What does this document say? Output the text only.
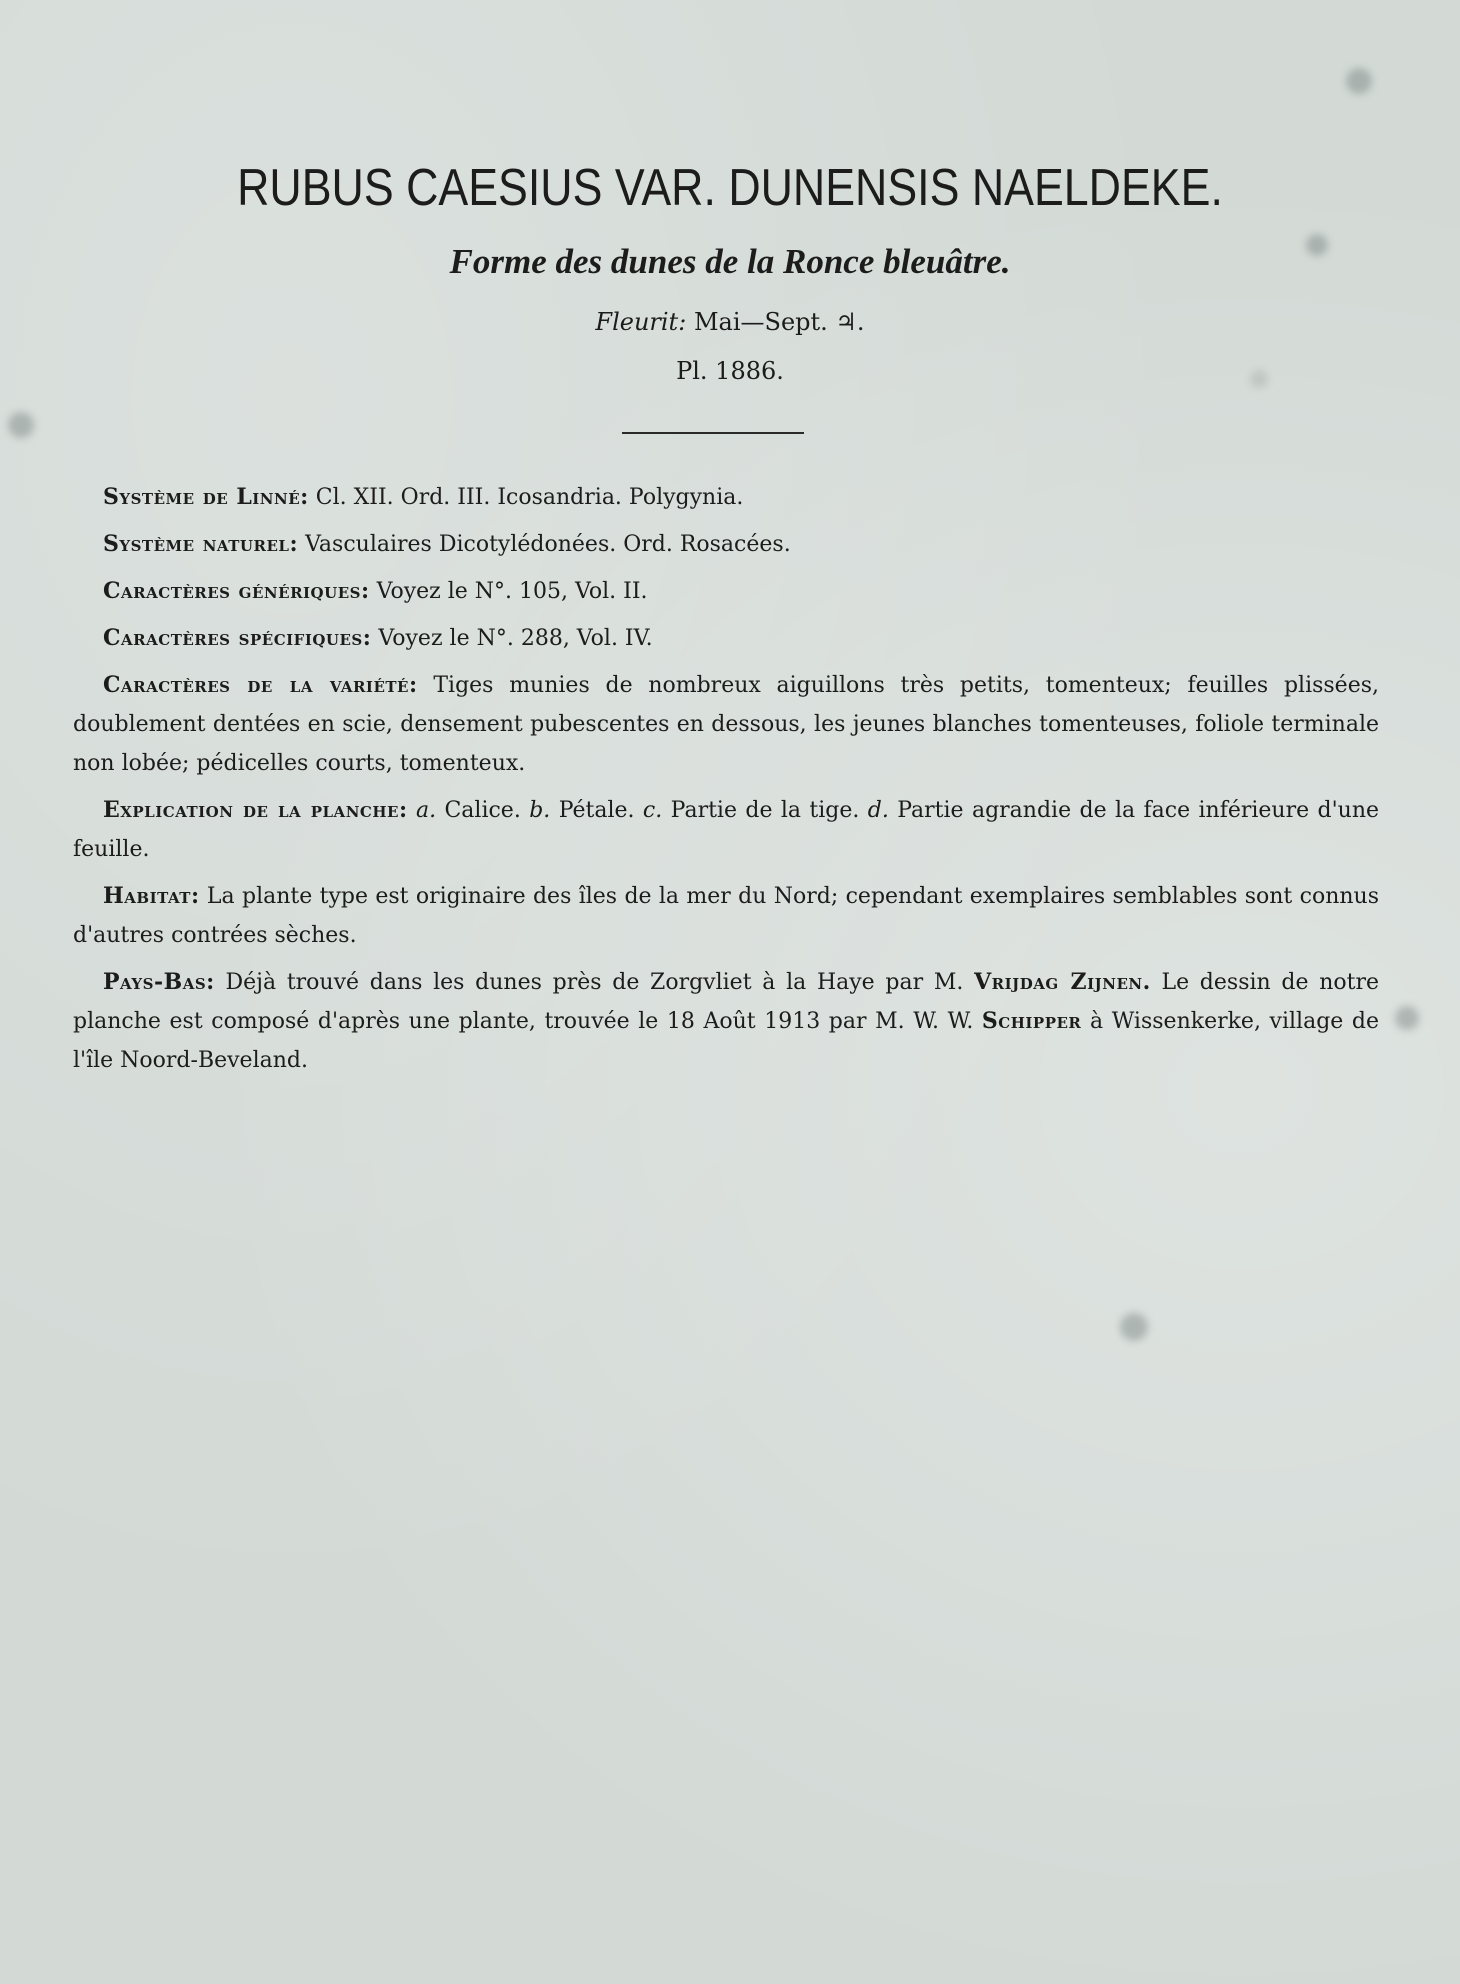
RUBUS CAESIUS VAR. DUNENSIS NAELDEKE.

Forme des dunes de la Ronce bleuâtre.

Fleurit: Mai—Sept. ♃.

Pl. 1886.

Système de Linné: Cl. XII. Ord. III. Icosandria. Polygynia.

Système naturel: Vasculaires Dicotylédonées. Ord. Rosacées.

Caractères génériques: Voyez le N°. 105, Vol. II.

Caractères spécifiques: Voyez le N°. 288, Vol. IV.

Caractères de la variété: Tiges munies de nombreux aiguillons très petits, tomenteux; feuilles plissées, doublement dentées en scie, densement pubescentes en dessous, les jeunes blanches tomenteuses, foliole terminale non lobée; pédicelles courts, tomenteux.

Explication de la planche: a. Calice. b. Pétale. c. Partie de la tige. d. Partie agrandie de la face inférieure d'une feuille.

Habitat: La plante type est originaire des îles de la mer du Nord; cependant exemplaires semblables sont connus d'autres contrées sèches.

Pays-Bas: Déjà trouvé dans les dunes près de Zorgvliet à la Haye par M. Vrijdag Zijnen. Le dessin de notre planche est composé d'après une plante, trouvée le 18 Août 1913 par M. W. W. Schipper à Wissenkerke, village de l'île Noord-Beveland.
